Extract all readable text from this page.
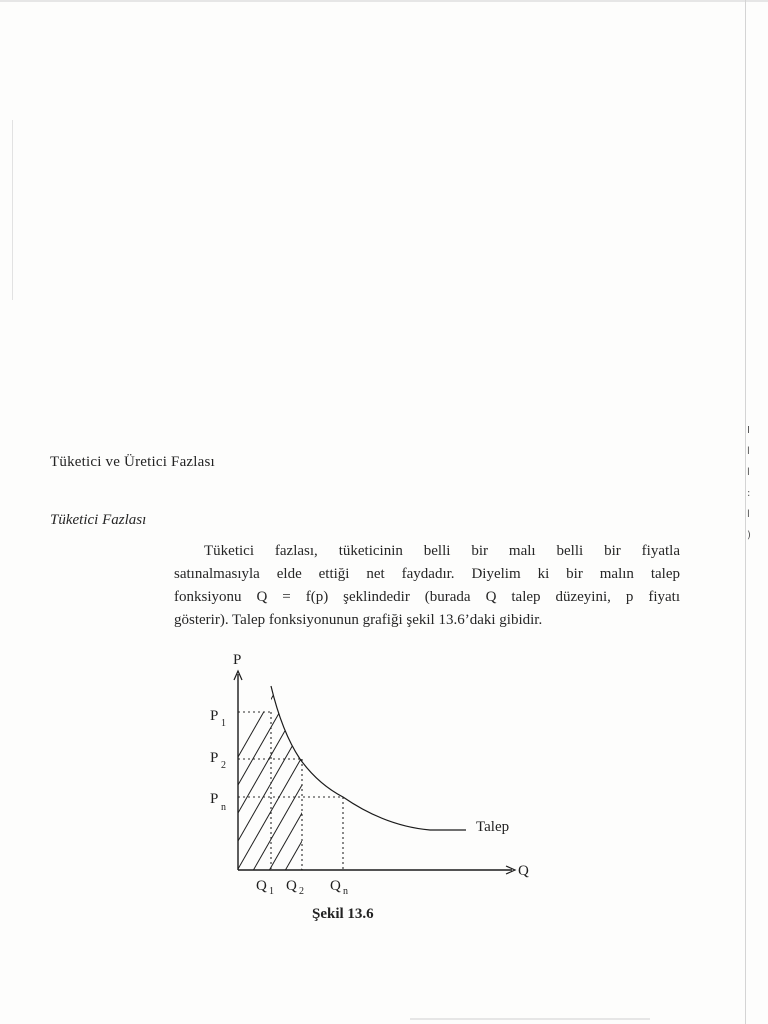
Tüketici ve Üretici Fazlası
Tüketici Fazlası
Tüketici fazlası, tüketicinin belli bir malı belli bir fiyatla
satınalmasıyla elde ettiği net faydadır. Diyelim ki bir malın talep
fonksiyonu Q = f(p) şeklindedir (burada Q talep düzeyini, p fiyatı
gösterir). Talep fonksiyonunun grafiği şekil 13.6’daki gibidir.
I
l
l
:
l
)
P
Q
Talep
P 1
P 2
P
n
Q 1 Q 2 Q n
Şekil 13.6
